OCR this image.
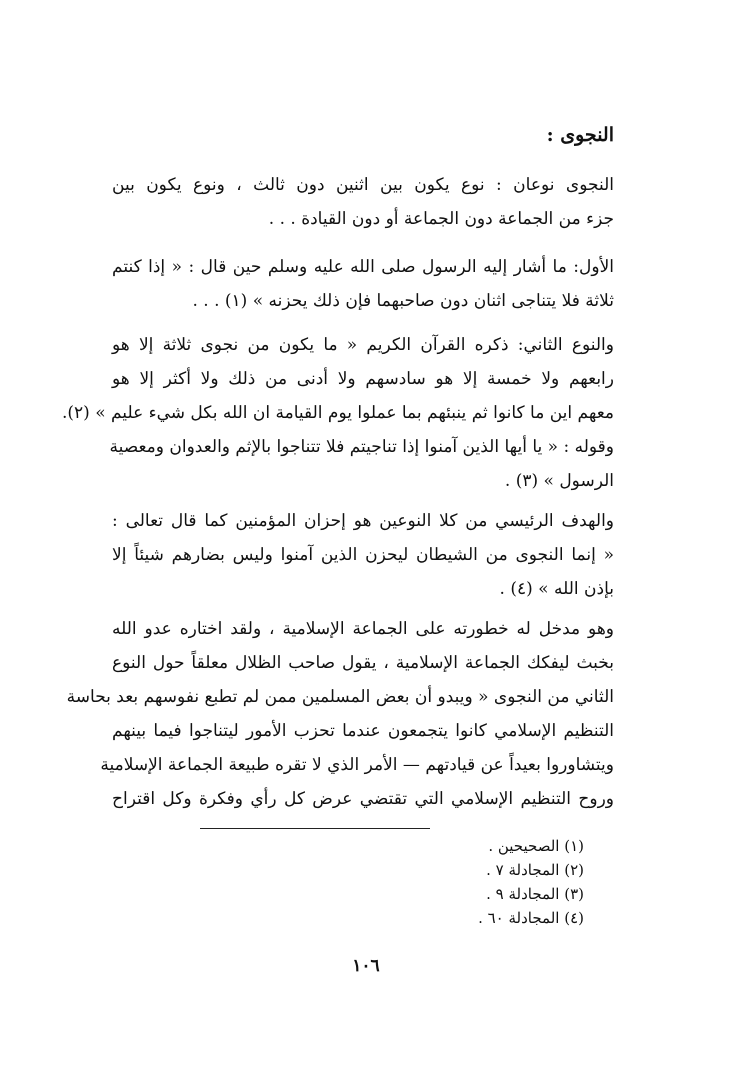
النجوى :
النجوى نوعان : نوع يكون بين اثنين دون ثالث ، ونوع يكون بين
جزء من الجماعة دون الجماعة أو دون القيادة . . .
الأول: ما أشار إليه الرسول صلى الله عليه وسلم حين قال : « إذا كنتم
ثلاثة فلا يتناجى اثنان دون صاحبهما فإن ذلك يحزنه » (١) . . .
والنوع الثاني: ذكره القرآن الكريم « ما يكون من نجوى ثلاثة إلا هو
رابعهم ولا خمسة إلا هو سادسهم ولا أدنى من ذلك ولا أكثر إلا هو
معهم اين ما كانوا ثم ينبئهم بما عملوا يوم القيامة ان الله بكل شيء عليم » (٢).
وقوله : « يا أيها الذين آمنوا إذا تناجيتم فلا تتناجوا بالإثم والعدوان ومعصية
الرسول » (٣) .
والهدف الرئيسي من كلا النوعين هو إحزان المؤمنين كما قال تعالى :
« إنما النجوى من الشيطان ليحزن الذين آمنوا وليس بضارهم شيئاً إلا
بإذن الله » (٤) .
وهو مدخل له خطورته على الجماعة الإسلامية ، ولقد اختاره عدو الله
بخبث ليفكك الجماعة الإسلامية ، يقول صاحب الظلال معلقاً حول النوع
الثاني من النجوى « ويبدو أن بعض المسلمين ممن لم تطبع نفوسهم بعد بحاسة
التنظيم الإسلامي كانوا يتجمعون عندما تحزب الأمور ليتناجوا فيما بينهم
ويتشاوروا بعيداً عن قيادتهم — الأمر الذي لا تقره طبيعة الجماعة الإسلامية
وروح التنظيم الإسلامي التي تقتضي عرض كل رأي وفكرة وكل اقتراح
(١) الصحيحين .
(٢) المجادلة ٧ .
(٣) المجادلة ٩ .
(٤) المجادلة ٦٠ .
١٠٦
